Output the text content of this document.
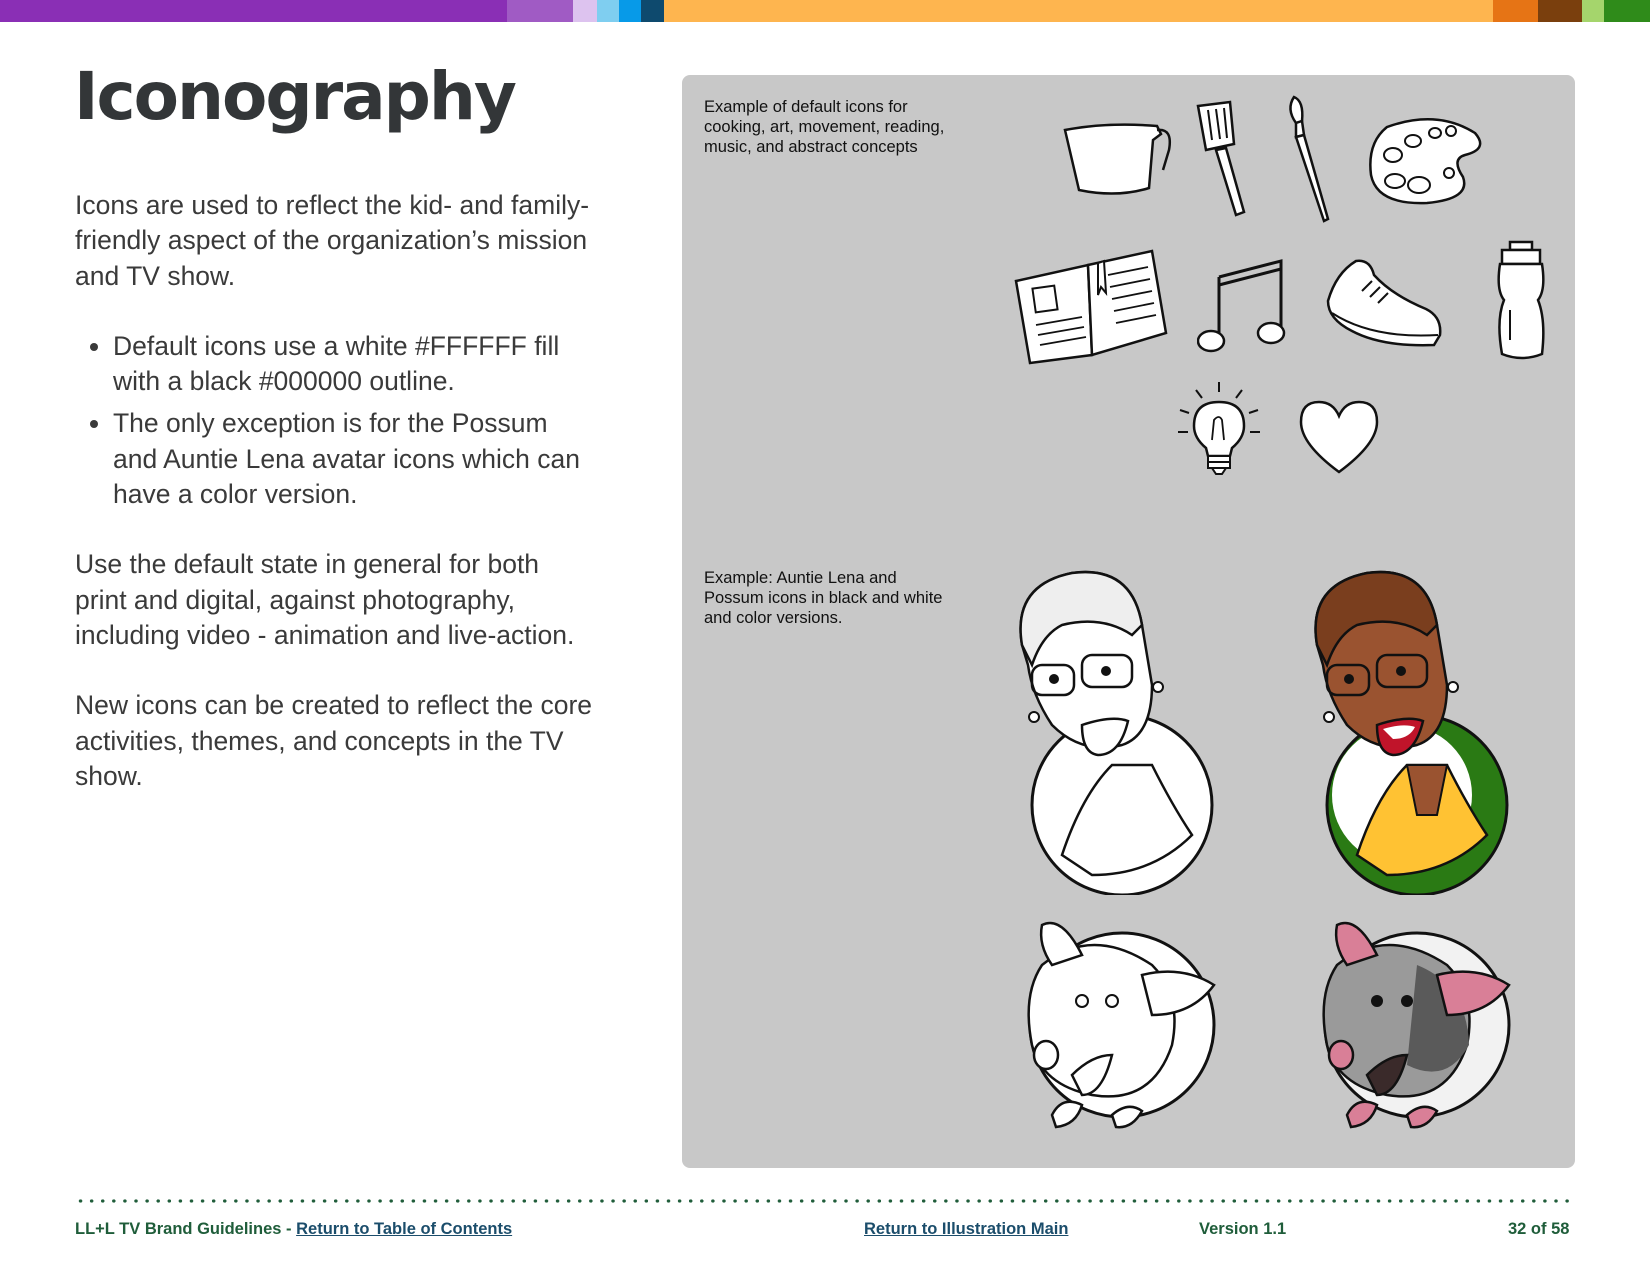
Iconography

Icons are used to reflect the kid- and family-friendly aspect of the organization’s mission and TV show.

• Default icons use a white #FFFFFF fill with a black #000000 outline.
• The only exception is for the Possum and Auntie Lena avatar icons which can have a color version.

Use the default state in general for both print and digital, against photography, including video - animation and live-action.

New icons can be created to reflect the core activities, themes, and concepts in the TV show.

Example of default icons for cooking, art, movement, reading, music, and abstract concepts
Example: Auntie Lena and Possum icons in black and white and color versions.
LL+L TV Brand Guidelines - Return to Table of Contents	Return to Illustration Main	Version 1.1	32 of 58
